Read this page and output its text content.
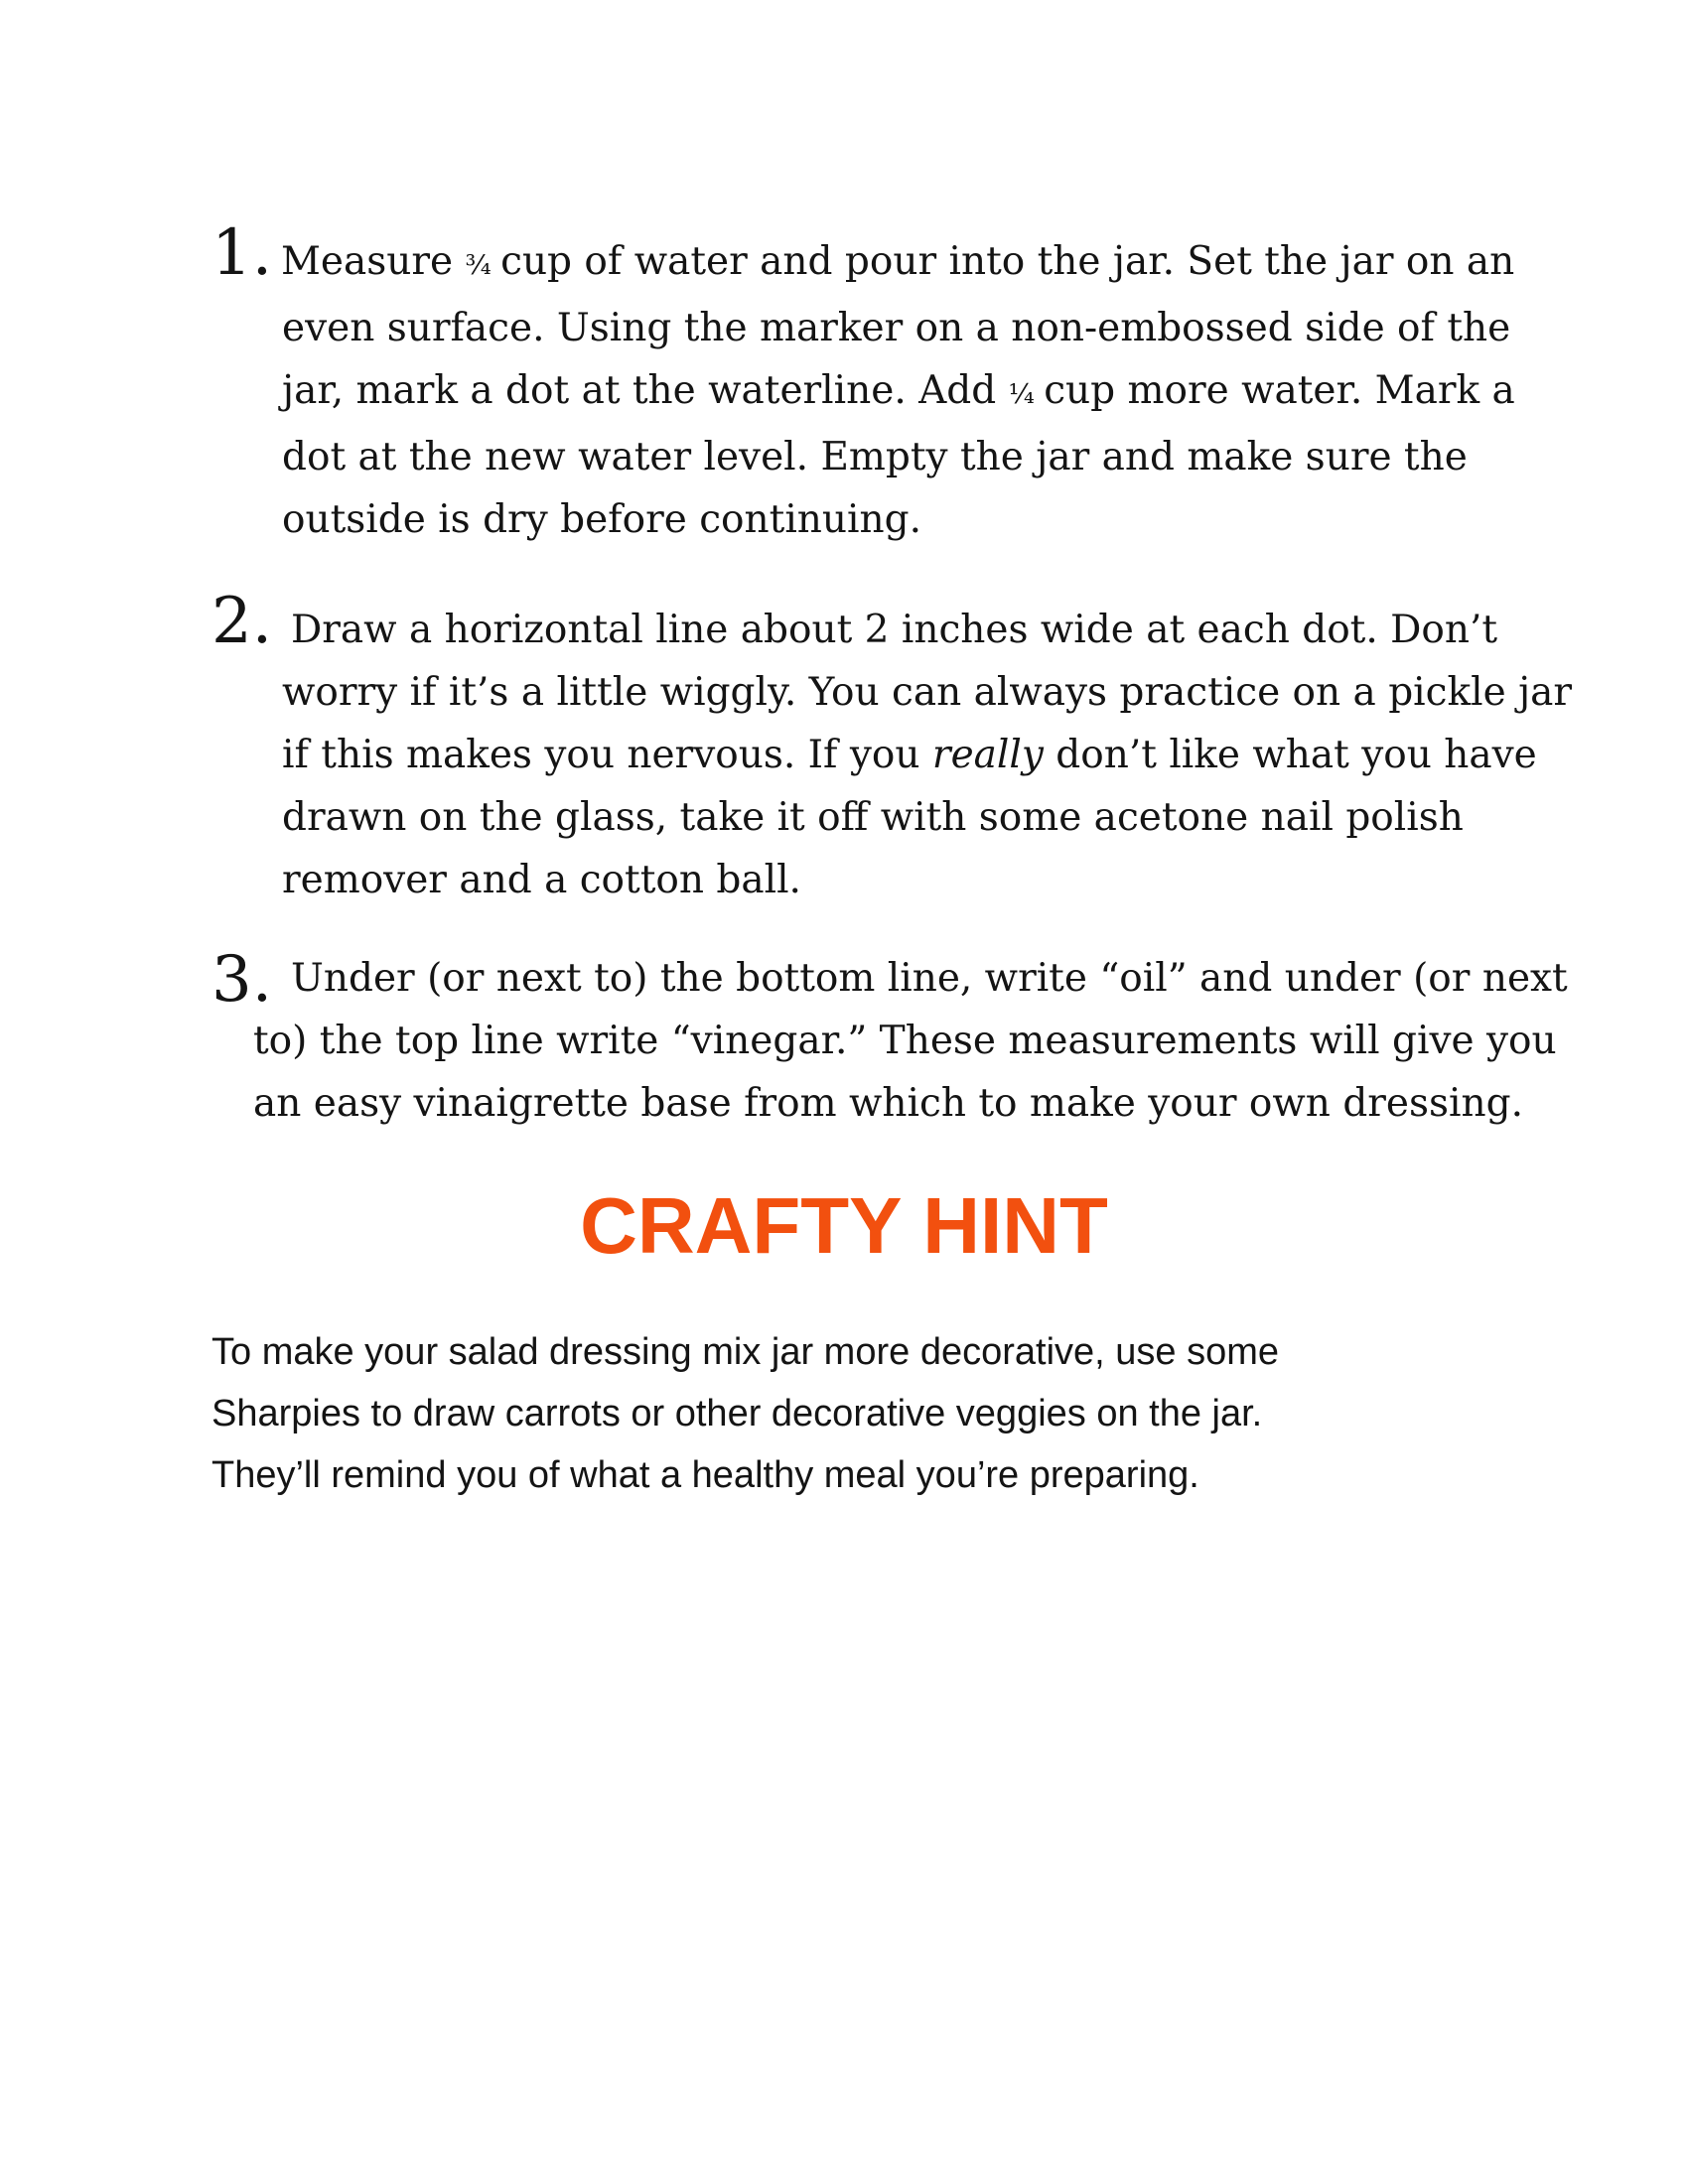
1. Measure ¾ cup of water and pour into the jar. Set the jar on an
even surface. Using the marker on a non-embossed side of the
jar, mark a dot at the waterline. Add ¼ cup more water. Mark a
dot at the new water level. Empty the jar and make sure the
outside is dry before continuing.
2. Draw a horizontal line about 2 inches wide at each dot. Don’t
worry if it’s a little wiggly. You can always practice on a pickle jar
if this makes you nervous. If you really don’t like what you have
drawn on the glass, take it off with some acetone nail polish
remover and a cotton ball.
3. Under (or next to) the bottom line, write “oil” and under (or next
to) the top line write “vinegar.” These measurements will give you
an easy vinaigrette base from which to make your own dressing.
CRAFTY HINT
To make your salad dressing mix jar more decorative, use some
Sharpies to draw carrots or other decorative veggies on the jar.
They’ll remind you of what a healthy meal you’re preparing.
